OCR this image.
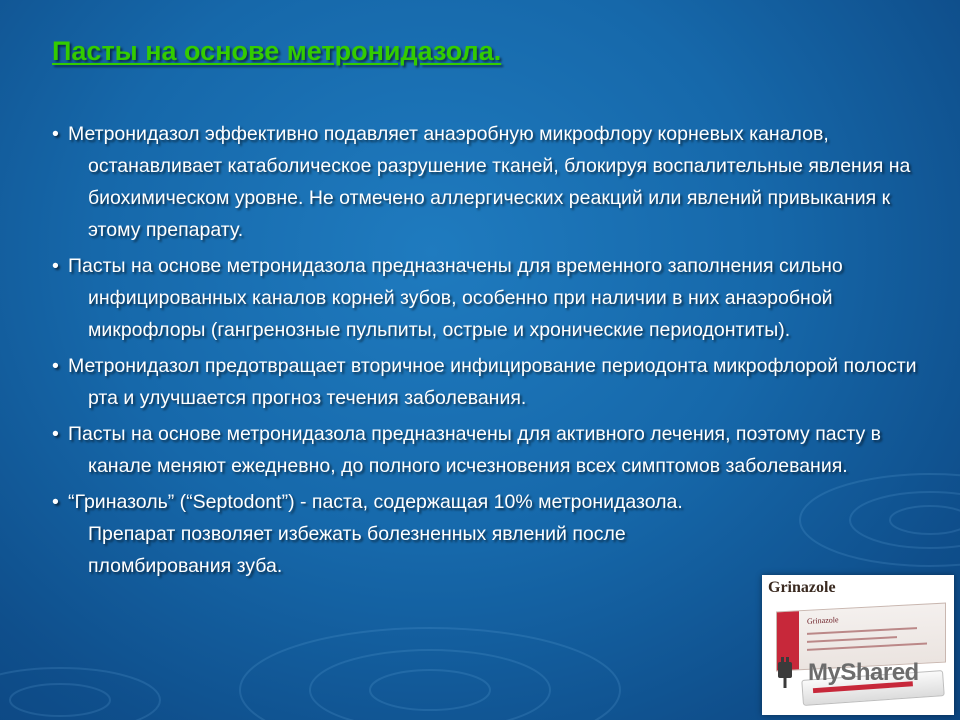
Пасты на основе метронидазола.
• Метронидазол эффективно подавляет анаэробную микрофлору корневых каналов, останавливает катаболическое разрушение тканей, блокируя воспалительные явления на биохимическом уровне. Не отмечено аллергических реакций или явлений привыкания к этому препарату.
• Пасты на основе метронидазола предназначены для временного заполнения сильно инфицированных каналов корней зубов, особенно при наличии в них анаэробной микрофлоры (гангренозные пульпиты, острые и хронические периодонтиты).
• Метронидазол предотвращает вторичное инфицирование периодонта микрофлорой полости рта и улучшается прогноз течения заболевания.
• Пасты на основе метронидазола предназначены для активного лечения, поэтому пасту в канале меняют ежедневно, до полного исчезновения всех симптомов заболевания.
• “Гриназоль” (“Septodont”) - паста, содержащая 10% метронидазола. Препарат позволяет избежать болезненных явлений после пломбирования зуба.
Grinazole
Grinazole
MyShared
